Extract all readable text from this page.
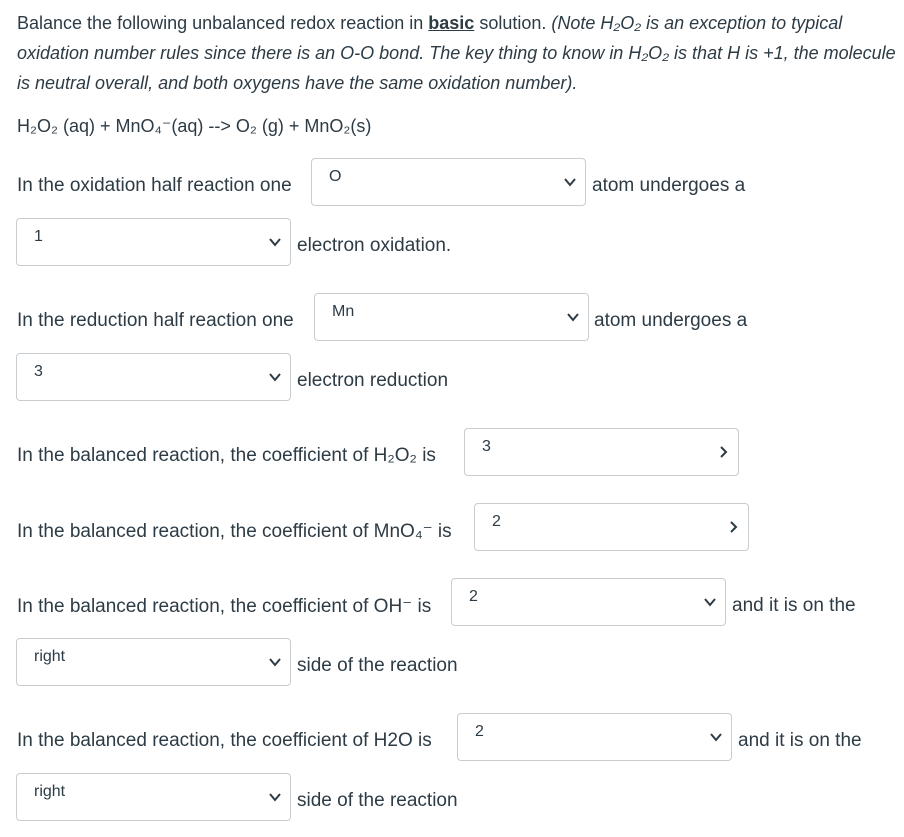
Balance the following unbalanced redox reaction in basic solution. (Note H₂O₂ is an exception to typical oxidation number rules since there is an O-O bond. The key thing to know in H₂O₂ is that H is +1, the molecule is neutral overall, and both oxygens have the same oxidation number).
H₂O₂ (aq) + MnO₄⁻(aq) --> O₂ (g) + MnO₂(s)
In the oxidation half reaction one O	atom undergoes a
1	electron oxidation.
In the reduction half reaction one Mn	atom undergoes a
3	electron reduction
In the balanced reaction, the coefficient of H₂O₂ is	3
In the balanced reaction, the coefficient of MnO₄⁻ is	2
In the balanced reaction, the coefficient of OH⁻ is 2	and it is on the
right	side of the reaction
In the balanced reaction, the coefficient of H2O is	2	and it is on the
right	side of the reaction
